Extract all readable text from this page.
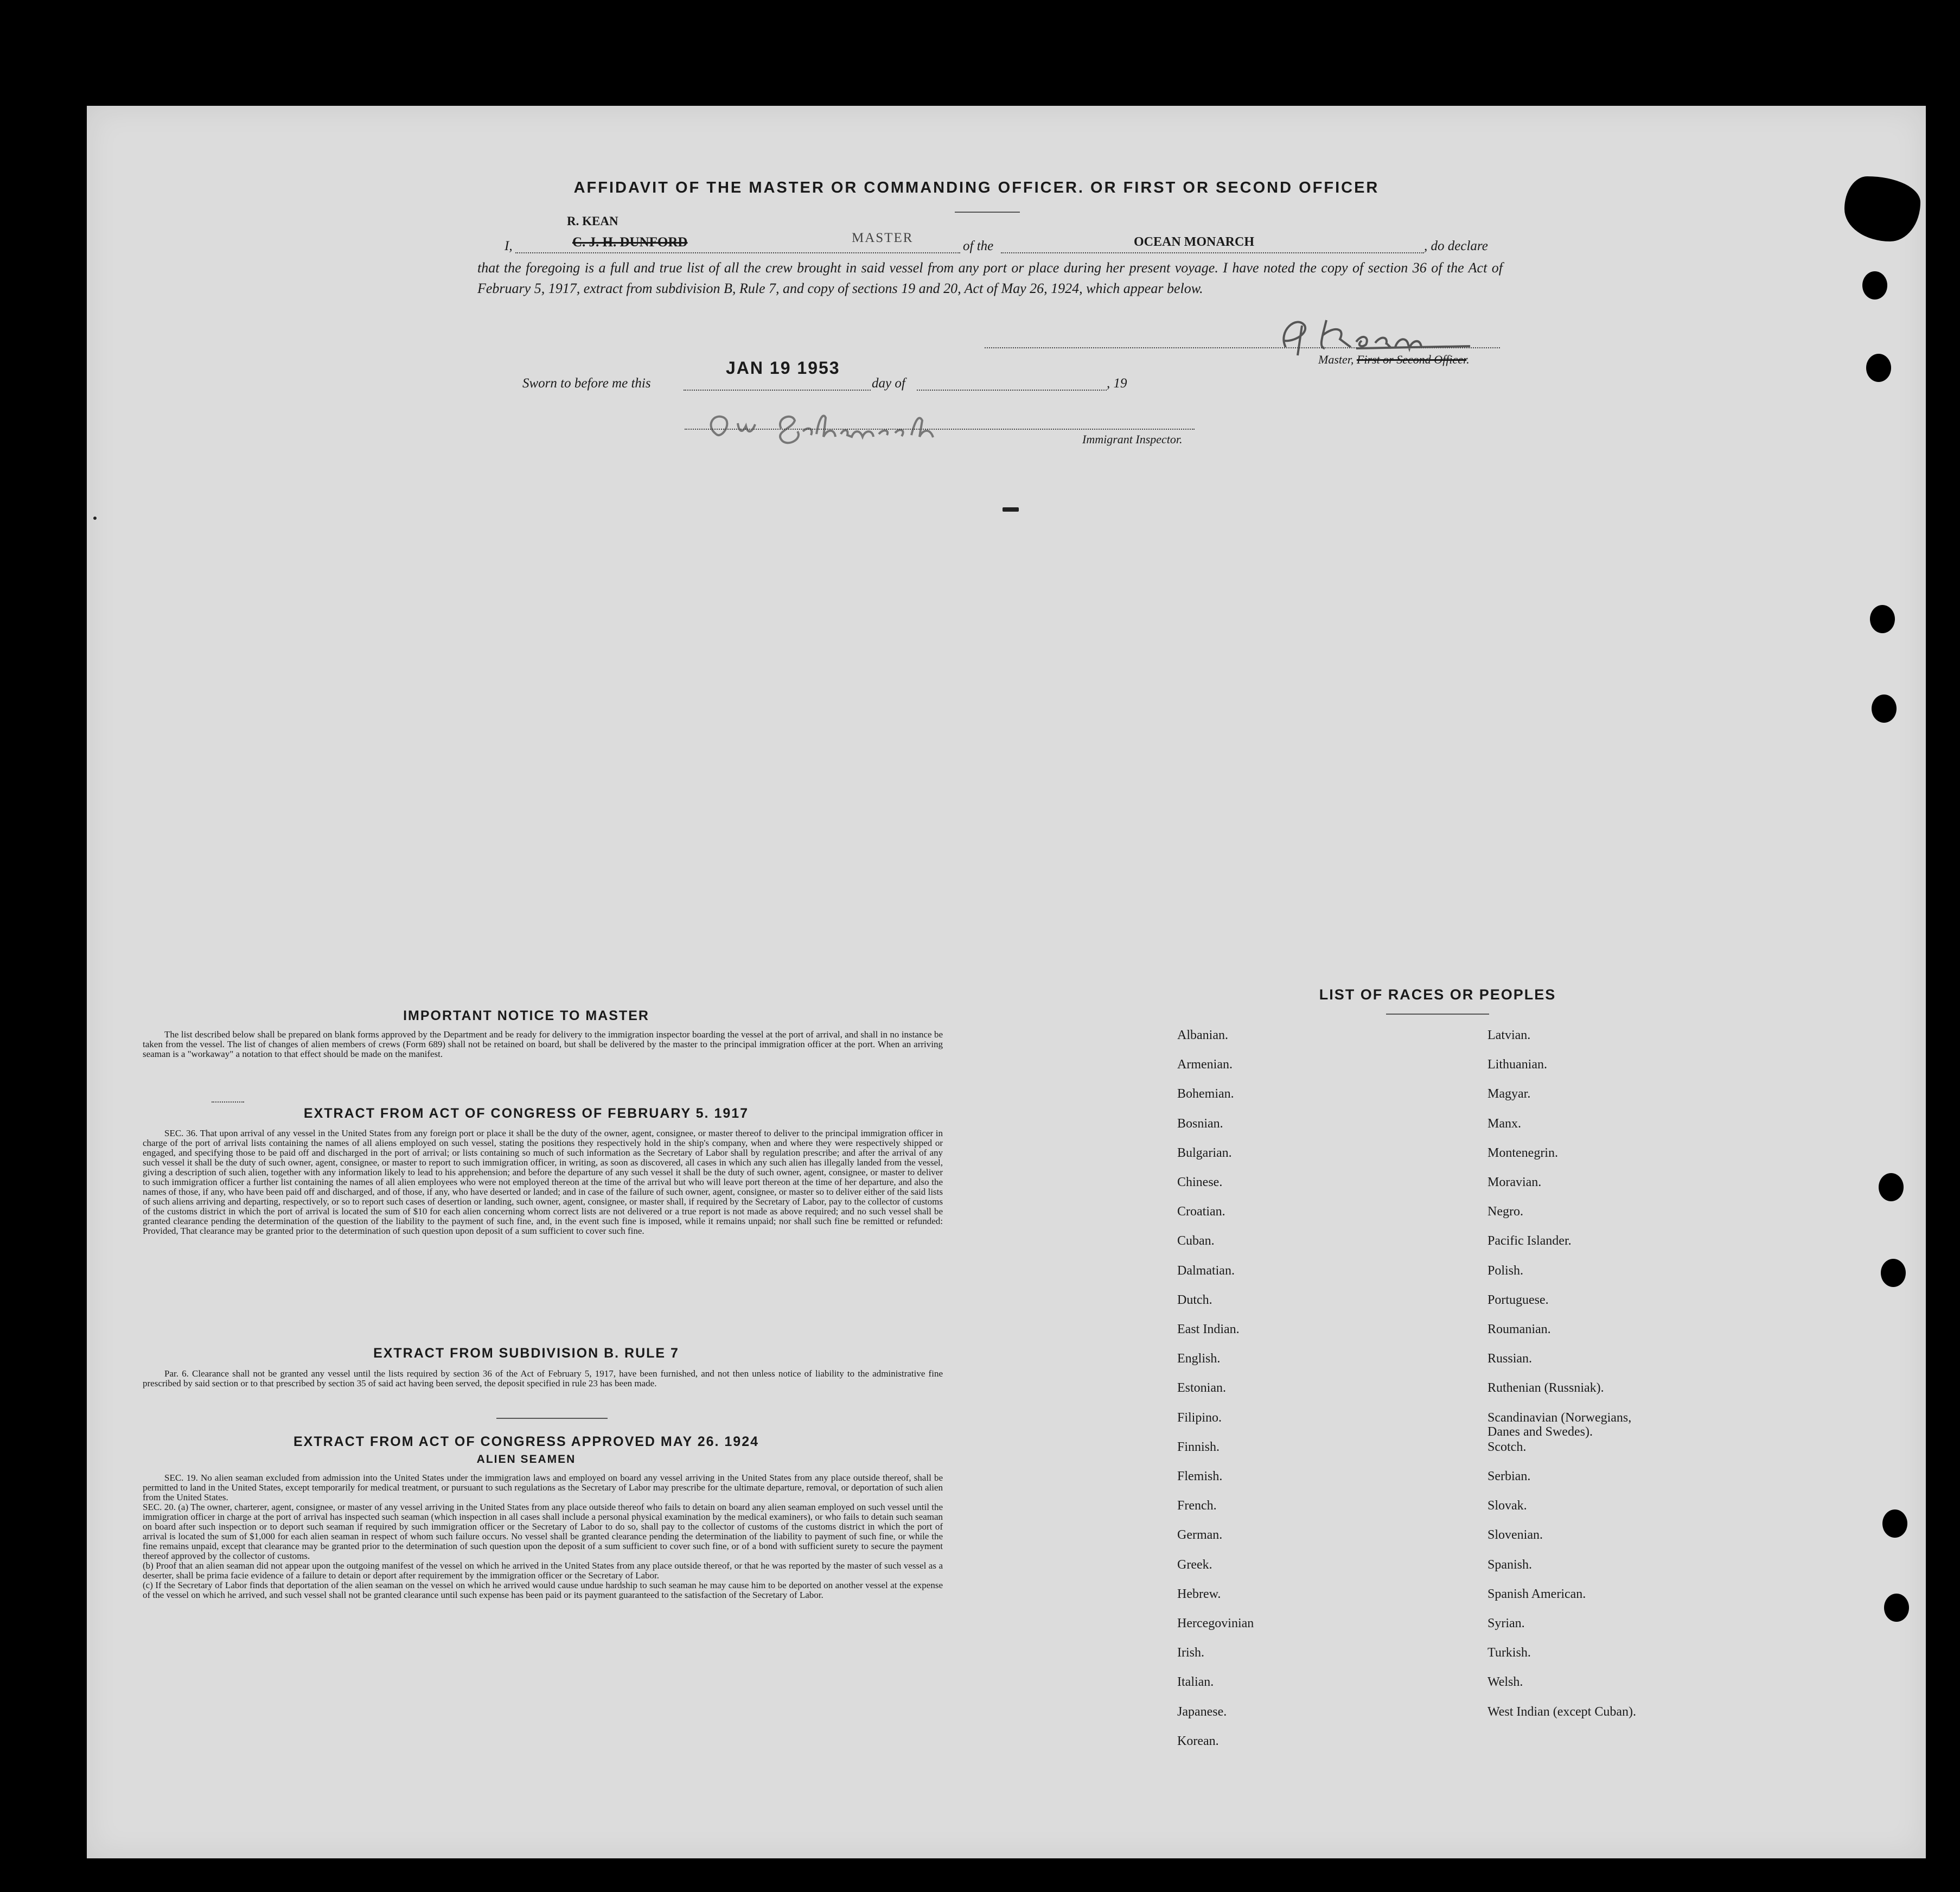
AFFIDAVIT OF THE MASTER OR COMMANDING OFFICER. OR FIRST OR SECOND OFFICER
R. KEAN
I,	C. J. H. DUNFORD	MASTER
of the	OCEAN MONARCH	, do declare
that the foregoing is a full and true list of all the crew brought in said vessel from any port or place during her present voyage. I have noted the copy of section 36 of the Act of February 5, 1917, extract from subdivision B, Rule 7, and copy of sections 19 and 20, Act of May 26, 1924, which appear below.
Master, First or Second Officer.
JAN 19 1953
Sworn to before me this	day of	, 19
Immigrant Inspector.
IMPORTANT NOTICE TO MASTER
The list described below shall be prepared on blank forms approved by the Department and be ready for delivery to the immigration inspector boarding the vessel at the port of arrival, and shall in no instance be taken from the vessel. The list of changes of alien members of crews (Form 689) shall not be retained on board, but shall be delivered by the master to the principal immigration officer at the port. When an arriving seaman is a "workaway" a notation to that effect should be made on the manifest.
EXTRACT FROM ACT OF CONGRESS OF FEBRUARY 5. 1917
SEC. 36. That upon arrival of any vessel in the United States from any foreign port or place it shall be the duty of the owner, agent, consignee, or master thereof to deliver to the principal immigration officer in charge of the port of arrival lists containing the names of all aliens employed on such vessel, stating the positions they respectively hold in the ship's company, when and where they were respectively shipped or engaged, and specifying those to be paid off and discharged in the port of arrival; or lists containing so much of such information as the Secretary of Labor shall by regulation prescribe; and after the arrival of any such vessel it shall be the duty of such owner, agent, consignee, or master to report to such immigration officer, in writing, as soon as discovered, all cases in which any such alien has illegally landed from the vessel, giving a description of such alien, together with any information likely to lead to his apprehension; and before the departure of any such vessel it shall be the duty of such owner, agent, consignee, or master to deliver to such immigration officer a further list containing the names of all alien employees who were not employed thereon at the time of the arrival but who will leave port thereon at the time of her departure, and also the names of those, if any, who have been paid off and discharged, and of those, if any, who have deserted or landed; and in case of the failure of such owner, agent, consignee, or master so to deliver either of the said lists of such aliens arriving and departing, respectively, or so to report such cases of desertion or landing, such owner, agent, consignee, or master shall, if required by the Secretary of Labor, pay to the collector of customs of the customs district in which the port of arrival is located the sum of $10 for each alien concerning whom correct lists are not delivered or a true report is not made as above required; and no such vessel shall be granted clearance pending the determination of the question of the liability to the payment of such fine, and, in the event such fine is imposed, while it remains unpaid; nor shall such fine be remitted or refunded: Provided, That clearance may be granted prior to the determination of such question upon deposit of a sum sufficient to cover such fine.
EXTRACT FROM SUBDIVISION B. RULE 7
Par. 6. Clearance shall not be granted any vessel until the lists required by section 36 of the Act of February 5, 1917, have been furnished, and not then unless notice of liability to the administrative fine prescribed by said section or to that prescribed by section 35 of said act having been served, the deposit specified in rule 23 has been made.
EXTRACT FROM ACT OF CONGRESS APPROVED MAY 26. 1924
ALIEN SEAMEN
SEC. 19. No alien seaman excluded from admission into the United States under the immigration laws and employed on board any vessel arriving in the United States from any place outside thereof, shall be permitted to land in the United States, except temporarily for medical treatment, or pursuant to such regulations as the Secretary of Labor may prescribe for the ultimate departure, removal, or deportation of such alien from the United States.
SEC. 20. (a) The owner, charterer, agent, consignee, or master of any vessel arriving in the United States from any place outside thereof who fails to detain on board any alien seaman employed on such vessel until the immigration officer in charge at the port of arrival has inspected such seaman (which inspection in all cases shall include a personal physical examination by the medical examiners), or who fails to detain such seaman on board after such inspection or to deport such seaman if required by such immigration officer or the Secretary of Labor to do so, shall pay to the collector of customs of the customs district in which the port of arrival is located the sum of $1,000 for each alien seaman in respect of whom such failure occurs. No vessel shall be granted clearance pending the determination of the liability to payment of such fine, or while the fine remains unpaid, except that clearance may be granted prior to the determination of such question upon the deposit of a sum sufficient to cover such fine, or of a bond with sufficient surety to secure the payment thereof approved by the collector of customs.
(b) Proof that an alien seaman did not appear upon the outgoing manifest of the vessel on which he arrived in the United States from any place outside thereof, or that he was reported by the master of such vessel as a deserter, shall be prima facie evidence of a failure to detain or deport after requirement by the immigration officer or the Secretary of Labor.
(c) If the Secretary of Labor finds that deportation of the alien seaman on the vessel on which he arrived would cause undue hardship to such seaman he may cause him to be deported on another vessel at the expense of the vessel on which he arrived, and such vessel shall not be granted clearance until such expense has been paid or its payment guaranteed to the satisfaction of the Secretary of Labor.
LIST OF RACES OR PEOPLES
Albanian.
Armenian.
Bohemian.
Bosnian.
Bulgarian.
Chinese.
Croatian.
Cuban.
Dalmatian.
Dutch.
East Indian.
English.
Estonian.
Filipino.
Finnish.
Flemish.
French.
German.
Greek.
Hebrew.
Hercegovinian
Irish.
Italian.
Japanese.
Korean.
Latvian.
Lithuanian.
Magyar.
Manx.
Montenegrin.
Moravian.
Negro.
Pacific Islander.
Polish.
Portuguese.
Roumanian.
Russian.
Ruthenian (Russniak).
Scandinavian (Norwegians,
Danes and Swedes).
Scotch.
Serbian.
Slovak.
Slovenian.
Spanish.
Spanish American.
Syrian.
Turkish.
Welsh.
West Indian (except Cuban).
